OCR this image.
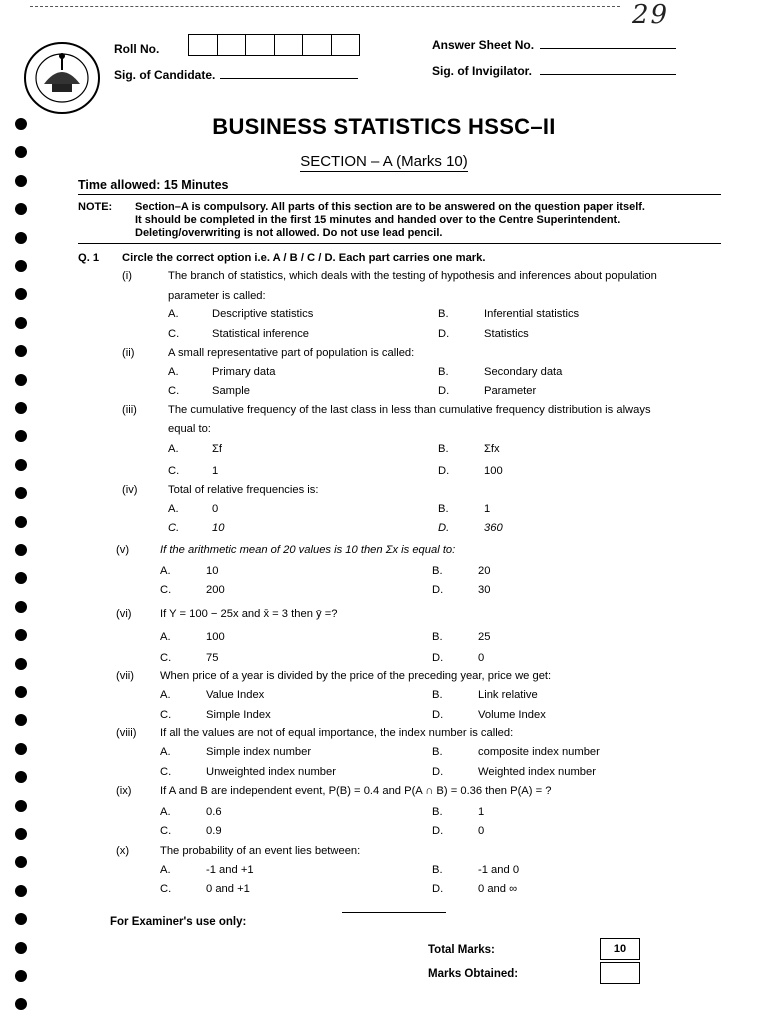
29
Roll No.
Sig. of Candidate.
Answer Sheet No.
Sig. of Invigilator.
BUSINESS STATISTICS HSSC–II
SECTION – A (Marks 10)
Time allowed: 15 Minutes
NOTE: Section–A is compulsory. All parts of this section are to be answered on the question paper itself.
It should be completed in the first 15 minutes and handed over to the Centre Superintendent.
Deleting/overwriting is not allowed. Do not use lead pencil.
Q. 1 Circle the correct option i.e. A / B / C / D. Each part carries one mark.
(i)	The branch of statistics, which deals with the testing of hypothesis and inferences about population
parameter is called:
A.	Descriptive statistics	B.	Inferential statistics
C.	Statistical inference	D.	Statistics
(ii)	A small representative part of population is called:
A.	Primary data	B.	Secondary data
C.	Sample	D.	Parameter
(iii)	The cumulative frequency of the last class in less than cumulative frequency distribution is always
equal to:
A.	Σf	B.	Σfx
C.	1	D.	100
(iv)	Total of relative frequencies is:
A.	0	B.	1
C.	10	D.	360
(v)	If the arithmetic mean of 20 values is 10 then Σx is equal to:
A.	10	B.	20
C.	200	D.	30
(vi)	If Y = 100 − 25x and x̄ = 3 then ȳ =?
A.	100	B.	25
C.	75	D.	0
(vii) When price of a year is divided by the price of the preceding year, price we get:
A.	Value Index	B.	Link relative
C.	Simple Index	D.	Volume Index
(viii) If all the values are not of equal importance, the index number is called:
A.	Simple index number	B.	composite index number
C.	Unweighted index number	D.	Weighted index number
(ix)	If A and B are independent event, P(B) = 0.4 and P(A ∩ B) = 0.36 then P(A) = ?
A.	0.6	B.	1
C.	0.9	D.	0
(x)	The probability of an event lies between:
A.	-1 and +1	B.	-1 and 0
C.	0 and +1	D.	0 and ∞
For Examiner's use only:
Total Marks:	10
Marks Obtained:
